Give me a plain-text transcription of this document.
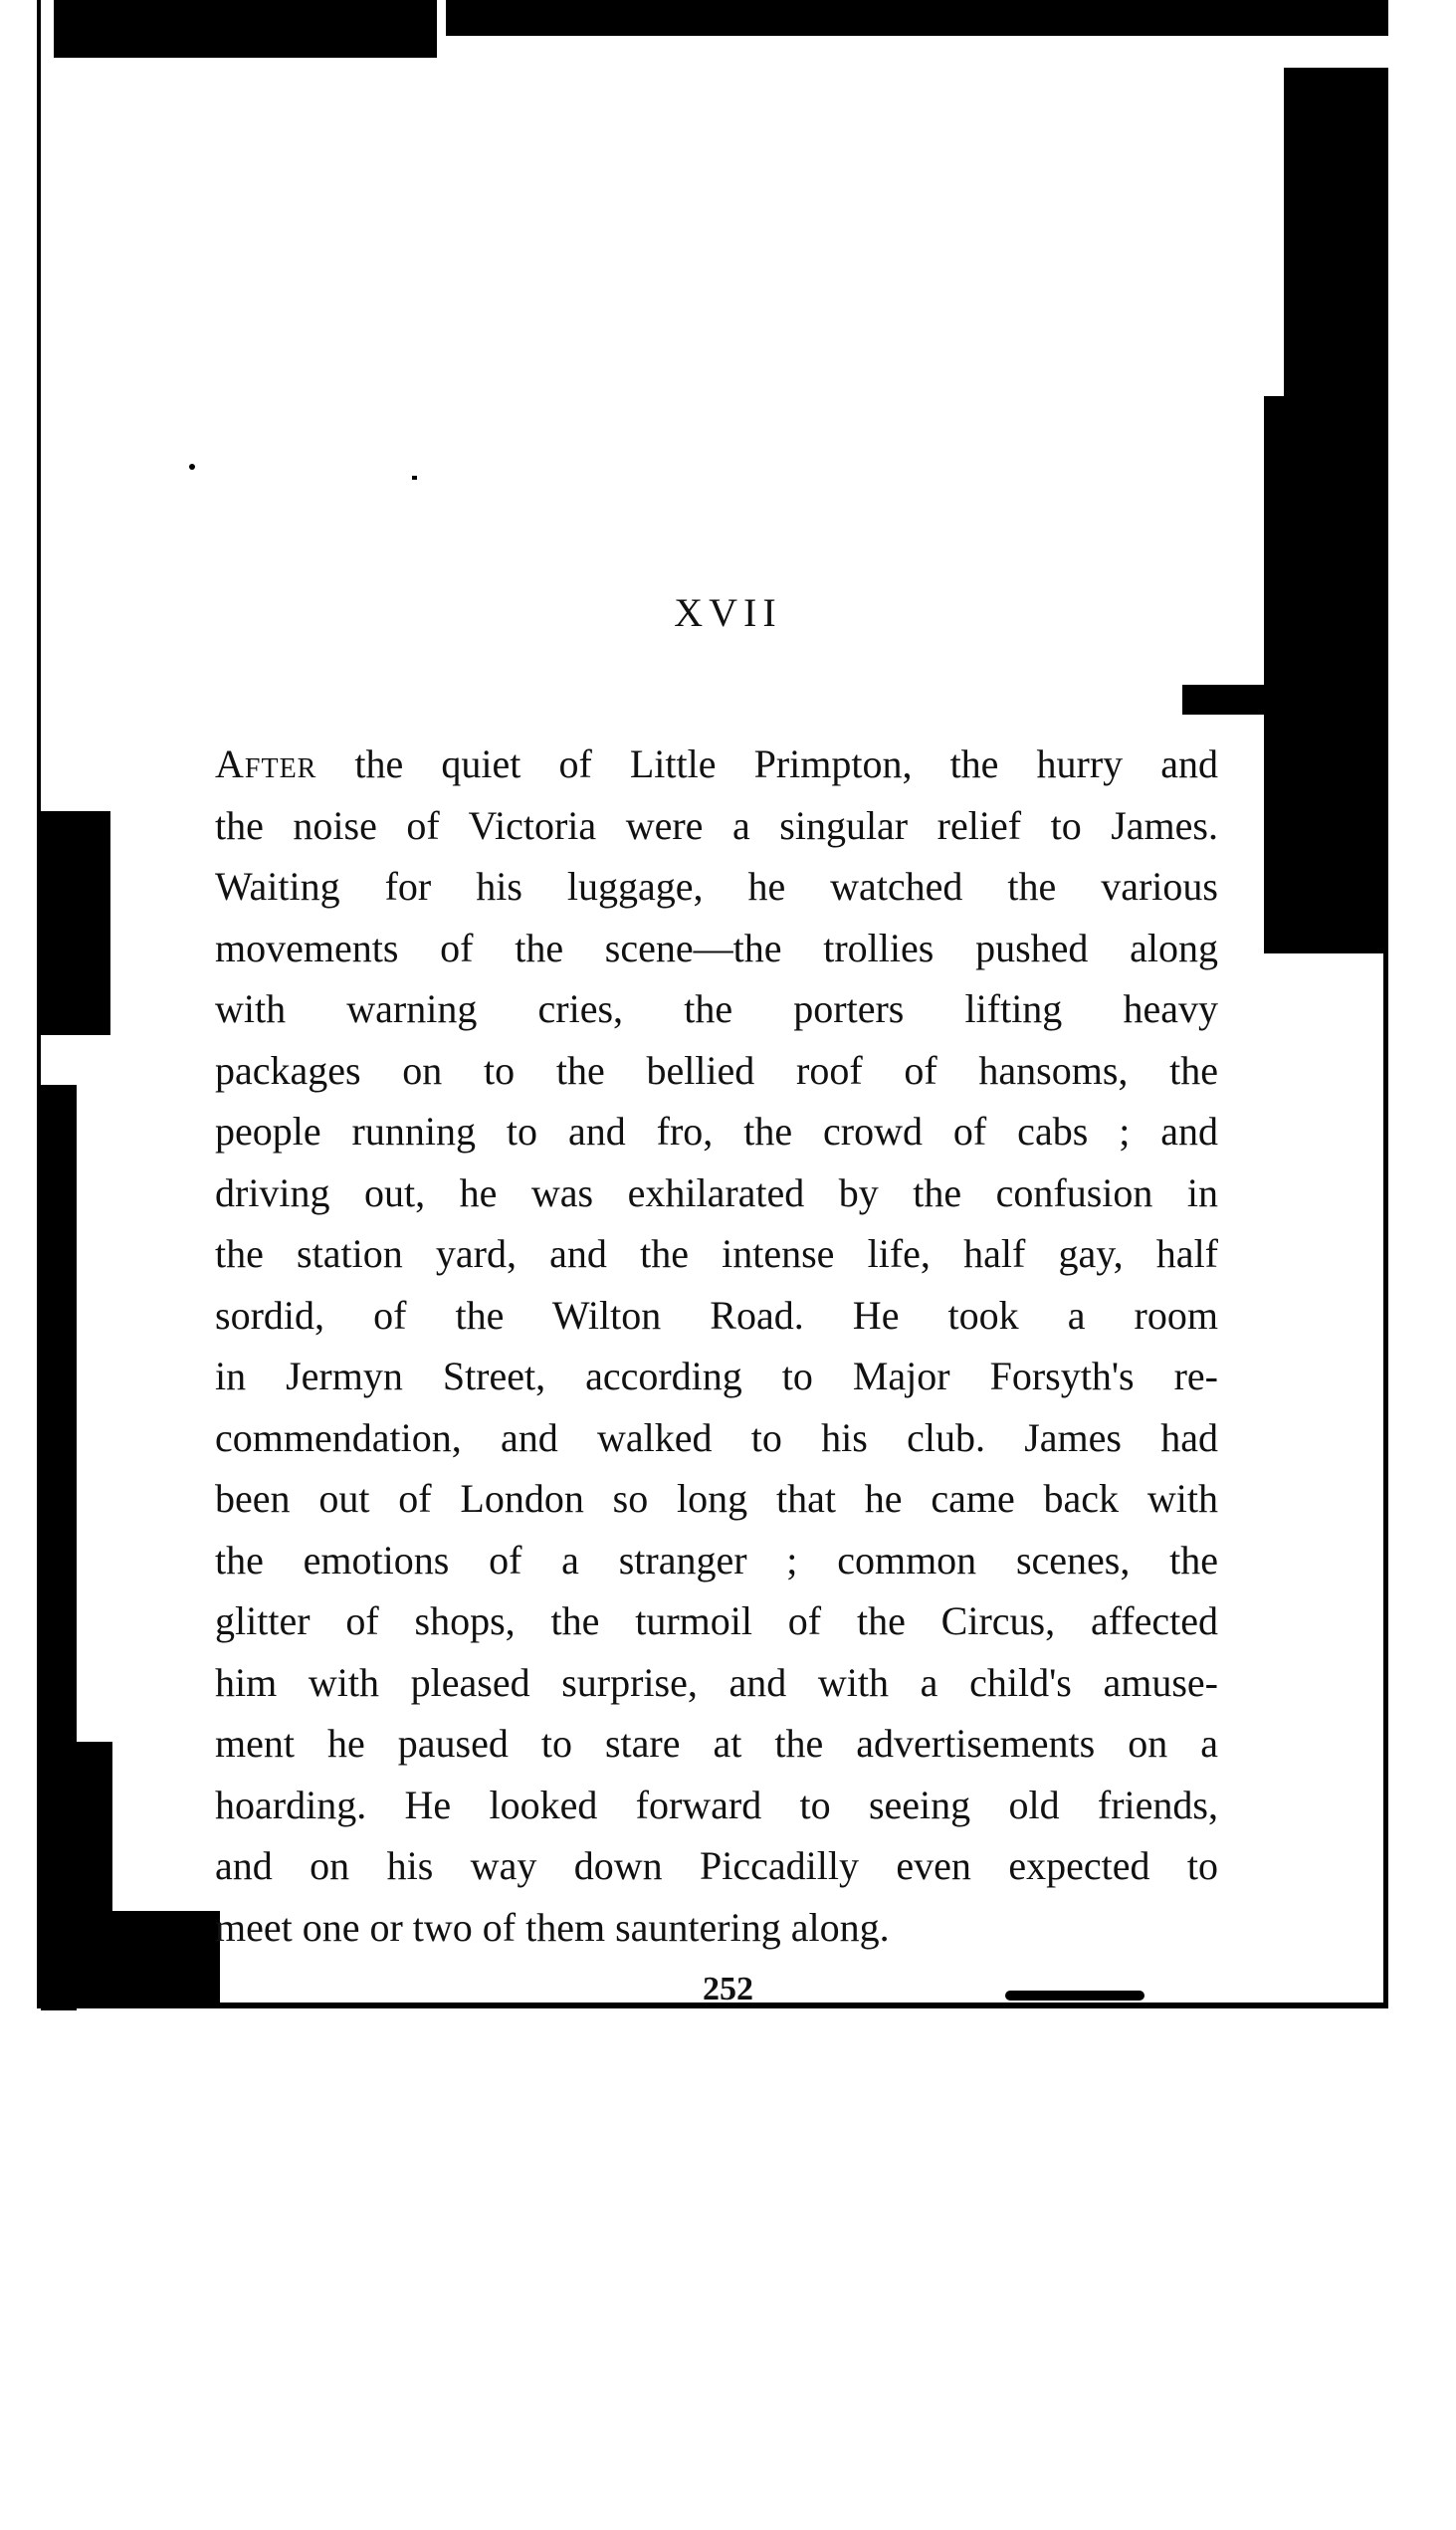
XVII
After the quiet of Little Primpton, the hurry and
the noise of Victoria were a singular relief to James.
Waiting for his luggage, he watched the various
movements of the scene—the trollies pushed along
with warning cries, the porters lifting heavy
packages on to the bellied roof of hansoms, the
people running to and fro, the crowd of cabs ; and
driving out, he was exhilarated by the confusion in
the station yard, and the intense life, half gay, half
sordid, of the Wilton Road. He took a room
in Jermyn Street, according to Major Forsyth's re-
commendation, and walked to his club. James had
been out of London so long that he came back with
the emotions of a stranger ; common scenes, the
glitter of shops, the turmoil of the Circus, affected
him with pleased surprise, and with a child's amuse-
ment he paused to stare at the advertisements on a
hoarding. He looked forward to seeing old friends,
and on his way down Piccadilly even expected to
meet one or two of them sauntering along.
252
